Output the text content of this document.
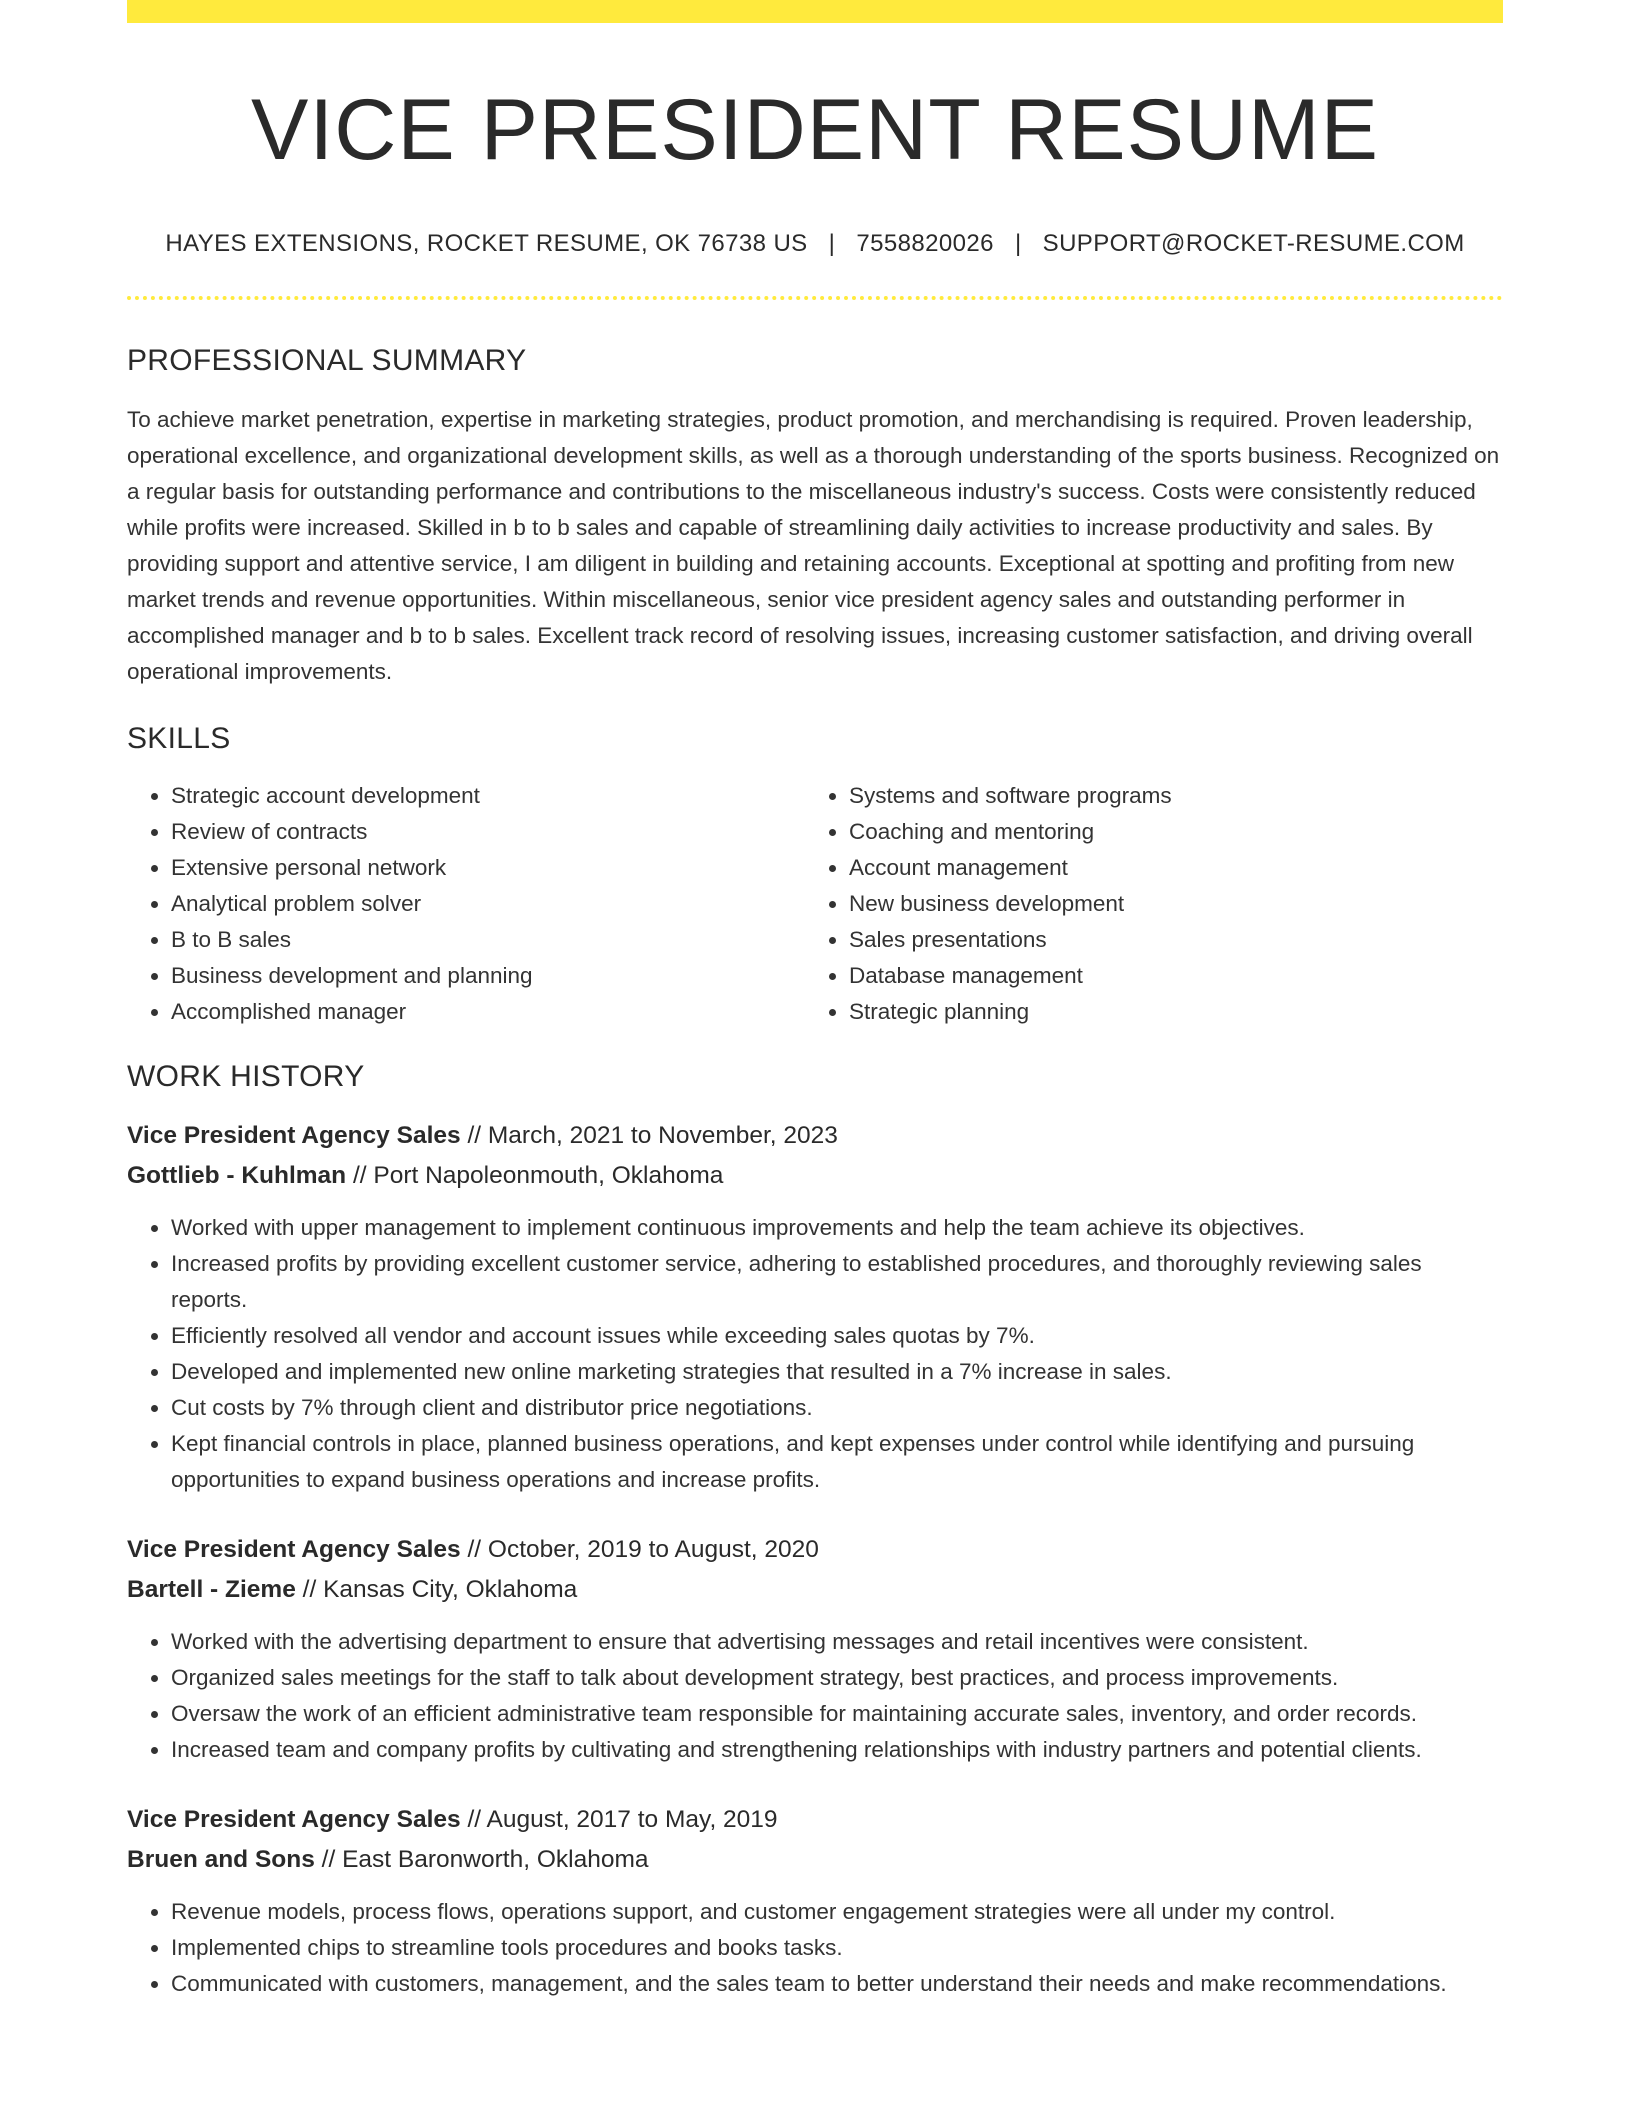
VICE PRESIDENT RESUME
HAYES EXTENSIONS, ROCKET RESUME, OK 76738 US | 7558820026 | SUPPORT@ROCKET-RESUME.COM
PROFESSIONAL SUMMARY

To achieve market penetration, expertise in marketing strategies, product promotion, and merchandising is required. Proven leadership, operational excellence, and organizational development skills, as well as a thorough understanding of the sports business. Recognized on a regular basis for outstanding performance and contributions to the miscellaneous industry's success. Costs were consistently reduced while profits were increased. Skilled in b to b sales and capable of streamlining daily activities to increase productivity and sales. By providing support and attentive service, I am diligent in building and retaining accounts. Exceptional at spotting and profiting from new market trends and revenue opportunities. Within miscellaneous, senior vice president agency sales and outstanding performer in accomplished manager and b to b sales. Excellent track record of resolving issues, increasing customer satisfaction, and driving overall operational improvements.

SKILLS
• Strategic account development
• Review of contracts
• Extensive personal network
• Analytical problem solver
• B to B sales
• Business development and planning
• Accomplished manager
• Systems and software programs
• Coaching and mentoring
• Account management
• New business development
• Sales presentations
• Database management
• Strategic planning
WORK HISTORY
Vice President Agency Sales // March, 2021 to November, 2023
Gottlieb - Kuhlman // Port Napoleonmouth, Oklahoma
• Worked with upper management to implement continuous improvements and help the team achieve its objectives.
• Increased profits by providing excellent customer service, adhering to established procedures, and thoroughly reviewing sales reports.
• Efficiently resolved all vendor and account issues while exceeding sales quotas by 7%.
• Developed and implemented new online marketing strategies that resulted in a 7% increase in sales.
• Cut costs by 7% through client and distributor price negotiations.
• Kept financial controls in place, planned business operations, and kept expenses under control while identifying and pursuing opportunities to expand business operations and increase profits.
Vice President Agency Sales // October, 2019 to August, 2020
Bartell - Zieme // Kansas City, Oklahoma
• Worked with the advertising department to ensure that advertising messages and retail incentives were consistent.
• Organized sales meetings for the staff to talk about development strategy, best practices, and process improvements.
• Oversaw the work of an efficient administrative team responsible for maintaining accurate sales, inventory, and order records.
• Increased team and company profits by cultivating and strengthening relationships with industry partners and potential clients.
Vice President Agency Sales // August, 2017 to May, 2019
Bruen and Sons // East Baronworth, Oklahoma
• Revenue models, process flows, operations support, and customer engagement strategies were all under my control.
• Implemented chips to streamline tools procedures and books tasks.
• Communicated with customers, management, and the sales team to better understand their needs and make recommendations.
